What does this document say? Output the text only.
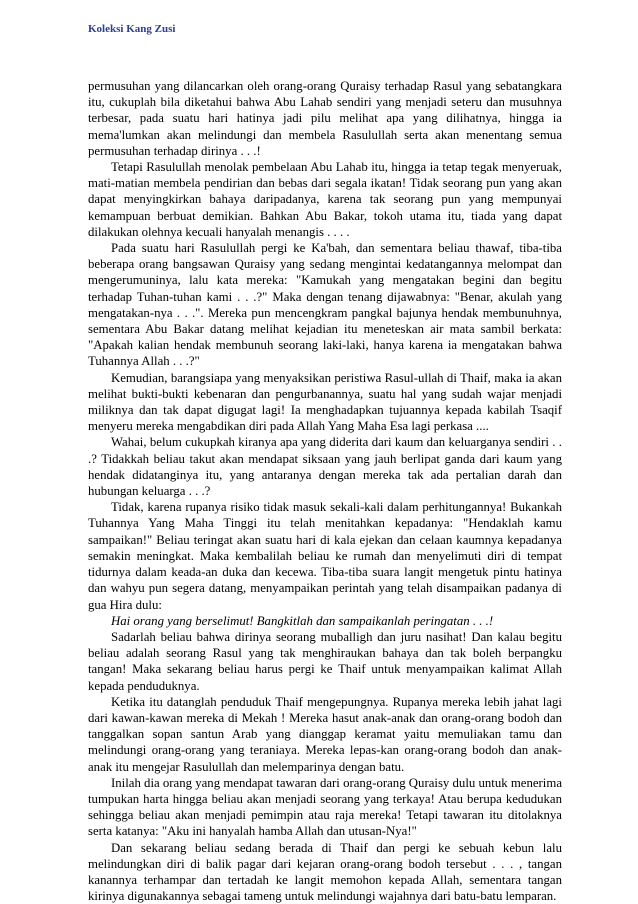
Koleksi Kang Zusi

permusuhan yang dilancarkan oleh orang-orang Quraisy terhadap Rasul yang sebatangkara itu, cukuplah bila diketahui bahwa Abu Lahab sendiri yang menjadi seteru dan musuhnya terbesar, pada suatu hari hatinya jadi pilu melihat apa yang dilihatnya, hingga ia mema'lumkan akan melindungi dan membela Rasulullah serta akan menentang semua permusuhan terhadap dirinya . . .!

Tetapi Rasulullah menolak pembelaan Abu Lahab itu, hingga ia tetap tegak menyeruak, mati-matian membela pendirian dan bebas dari segala ikatan! Tidak seorang pun yang akan dapat menyingkirkan bahaya daripadanya, karena tak seorang pun yang mempunyai kemampuan berbuat demikian. Bahkan Abu Bakar, tokoh utama itu, tiada yang dapat dilakukan olehnya kecuali hanyalah menangis . . . .

Pada suatu hari Rasulullah pergi ke Ka'bah, dan sementara beliau thawaf, tiba-tiba beberapa orang bangsawan Quraisy yang sedang mengintai kedatangannya melompat dan mengerumuninya, lalu kata mereka: "Kamukah yang mengatakan begini dan begitu terhadap Tuhan-tuhan kami . . .?" Maka dengan tenang dijawabnya: "Benar, akulah yang mengatakan-nya . . .". Mereka pun mencengkram pangkal bajunya hendak membunuhnya, sementara Abu Bakar datang melihat kejadian itu meneteskan air mata sambil berkata: "Apakah kalian hendak membunuh seorang laki-laki, hanya karena ia mengatakan bahwa Tuhannya Allah . . .?"

Kemudian, barangsiapa yang menyaksikan peristiwa Rasul-ullah di Thaif, maka ia akan melihat bukti-bukti kebenaran dan pengurbanannya, suatu hal yang sudah wajar menjadi miliknya dan tak dapat digugat lagi! Ia menghadapkan tujuannya kepada kabilah Tsaqif menyeru mereka mengabdikan diri pada Allah Yang Maha Esa lagi perkasa ....

Wahai, belum cukupkah kiranya apa yang diderita dari kaum dan keluarganya sendiri . . .? Tidakkah beliau takut akan mendapat siksaan yang jauh berlipat ganda dari kaum yang hendak didatanginya itu, yang antaranya dengan mereka tak ada pertalian darah dan hubungan keluarga . . .?

Tidak, karena rupanya risiko tidak masuk sekali-kali dalam perhitungannya! Bukankah Tuhannya Yang Maha Tinggi itu telah menitahkan kepadanya: "Hendaklah kamu sampaikan!" Beliau teringat akan suatu hari di kala ejekan dan celaan kaumnya kepadanya semakin meningkat. Maka kembalilah beliau ke rumah dan menyelimuti diri di tempat tidurnya dalam keada-an duka dan kecewa. Tiba-tiba suara langit mengetuk pintu hatinya dan wahyu pun segera datang, menyampaikan perintah yang telah disampaikan padanya di gua Hira dulu:

Hai orang yang berselimut! Bangkitlah dan sampaikanlah peringatan . . .!

Sadarlah beliau bahwa dirinya seorang muballigh dan juru nasihat! Dan kalau begitu beliau adalah seorang Rasul yang tak menghiraukan bahaya dan tak boleh berpangku tangan! Maka sekarang beliau harus pergi ke Thaif untuk menyampaikan kalimat Allah kepada penduduknya.

Ketika itu datanglah penduduk Thaif mengepungnya. Rupanya mereka lebih jahat lagi dari kawan-kawan mereka di Mekah ! Mereka hasut anak-anak dan orang-orang bodoh dan tanggalkan sopan santun Arab yang dianggap keramat yaitu memuliakan tamu dan melindungi orang-orang yang teraniaya. Mereka lepas-kan orang-orang bodoh dan anak-anak itu mengejar Rasulullah dan melemparinya dengan batu.

Inilah dia orang yang mendapat tawaran dari orang-orang Quraisy dulu untuk menerima tumpukan harta hingga beliau akan menjadi seorang yang terkaya! Atau berupa kedudukan sehingga beliau akan menjadi pemimpin atau raja mereka! Tetapi tawaran itu ditolaknya serta katanya: "Aku ini hanyalah hamba Allah dan utusan-Nya!"

Dan sekarang beliau sedang berada di Thaif dan pergi ke sebuah kebun lalu melindungkan diri di balik pagar dari kejaran orang-orang bodoh tersebut . . . , tangan kanannya terhampar dan tertadah ke langit memohon kepada Allah, sementara tangan kirinya digunakannya sebagai tameng untuk melindungi wajahnya dari batu-batu lemparan.
